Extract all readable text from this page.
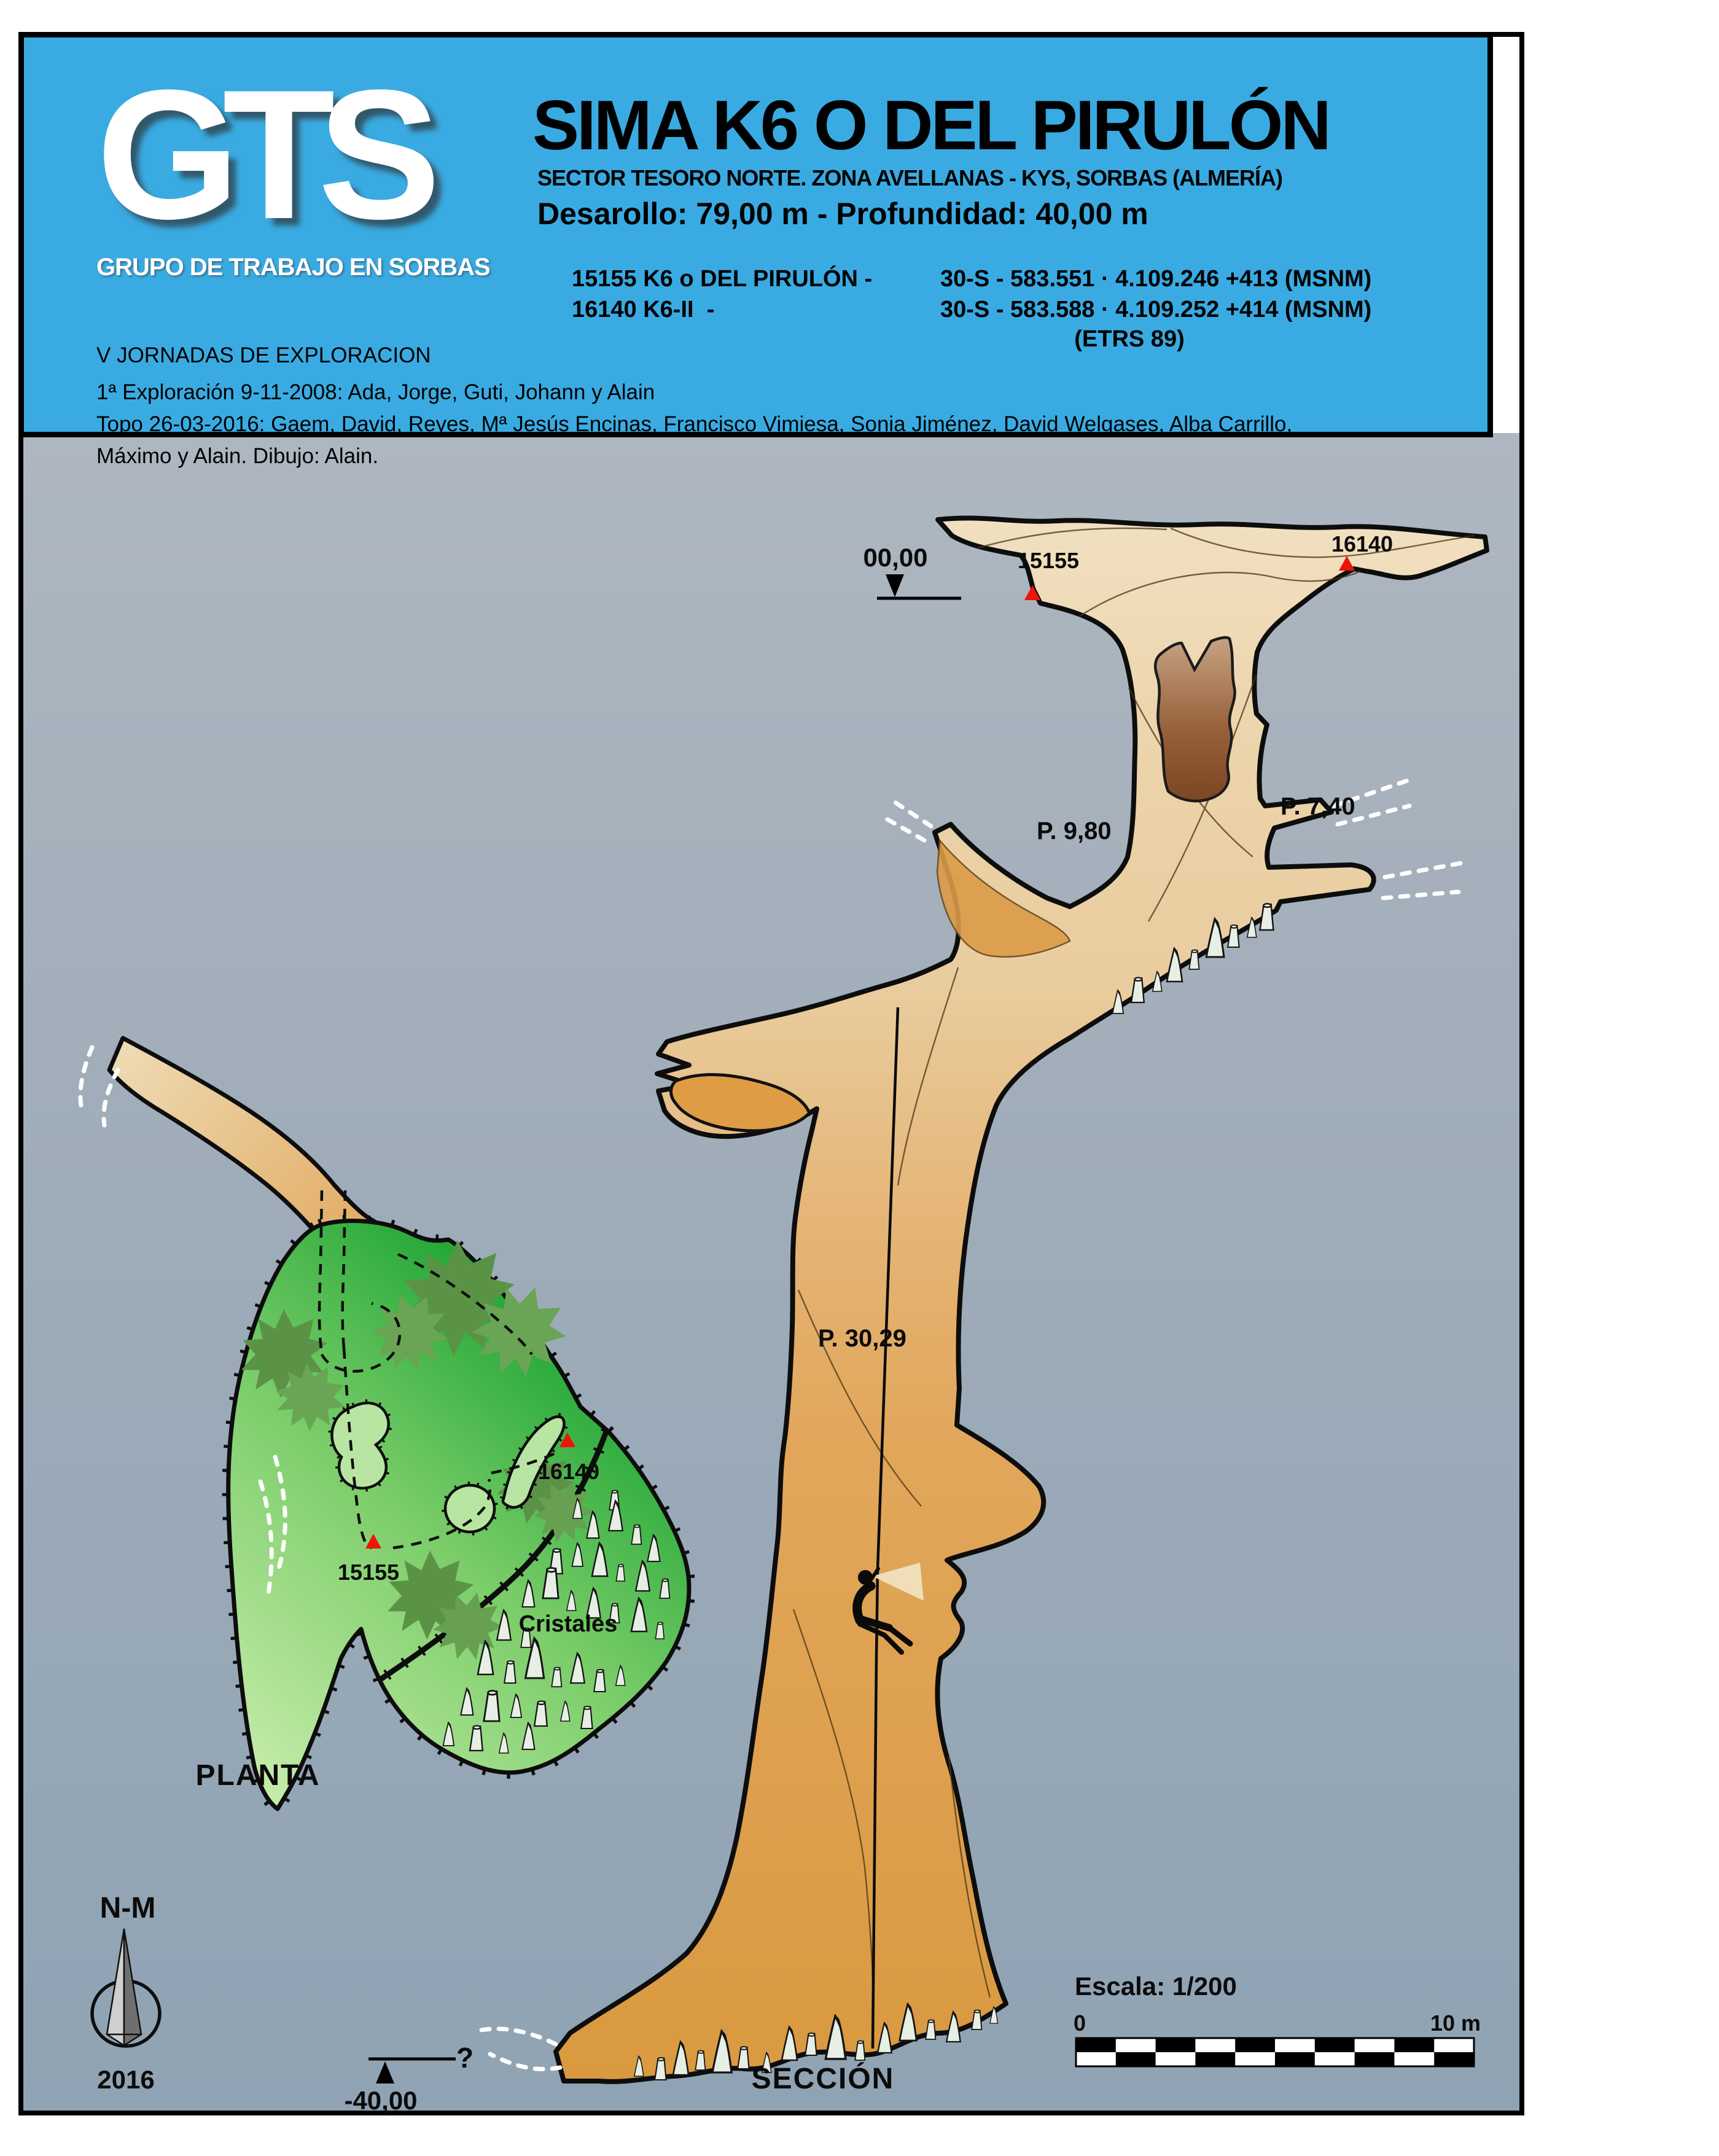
00,00
-40,00
?
15155
16140
P. 9,80
P. 7,40
P. 30,29
SECCIÓN
Cristales
16140
15155
PLANTA
N-M
2016
Escala: 1/200
0	10 m
GTS
GRUPO DE TRABAJO EN SORBAS
SIMA K6 O DEL PIRULÓN
SECTOR TESORO NORTE. ZONA AVELLANAS - KYS, SORBAS (ALMERÍA)
Desarollo: 79,00 m - Profundidad: 40,00 m
15155 K6 o DEL PIRULÓN -	30-S - 583.551 · 4.109.246 +413 (MSNM)
16140 K6-II  -	30-S - 583.588 · 4.109.252 +414 (MSNM)
(ETRS 89)
V JORNADAS DE EXPLORACION
1ª Exploración 9-11-2008: Ada, Jorge, Guti, Johann y Alain
Topo 26-03-2016: Gaem, David, Reyes, Mª Jesús Encinas, Francisco Vimiesa, Sonia Jiménez, David Welgases, Alba Carrillo,
Máximo y Alain. Dibujo: Alain.
